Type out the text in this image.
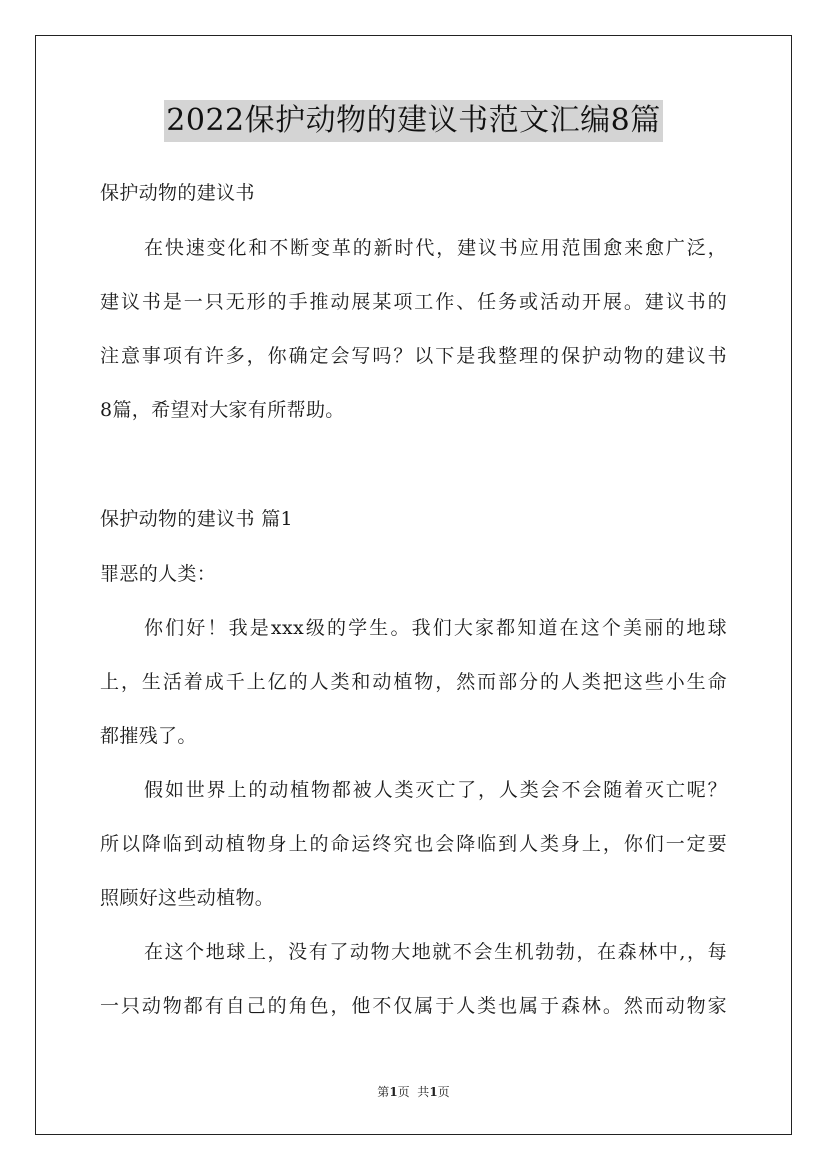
2022保护动物的建议书范文汇编8篇
保护动物的建议书
在快速变化和不断变革的新时代，建议书应用范围愈来愈广泛，
建议书是一只无形的手推动展某项工作、任务或活动开展。建议书的
注意事项有许多，你确定会写吗？以下是我整理的保护动物的建议书
8篇，希望对大家有所帮助。
保护动物的建议书 篇1
罪恶的人类：
你们好！我是xxx级的学生。我们大家都知道在这个美丽的地球
上，生活着成千上亿的人类和动植物，然而部分的人类把这些小生命
都摧残了。
假如世界上的动植物都被人类灭亡了，人类会不会随着灭亡呢？
所以降临到动植物身上的命运终究也会降临到人类身上，你们一定要
照顾好这些动植物。
在这个地球上，没有了动物大地就不会生机勃勃，在森林中,，每
一只动物都有自己的角色，他不仅属于人类也属于森林。然而动物家
第1页  共1页
